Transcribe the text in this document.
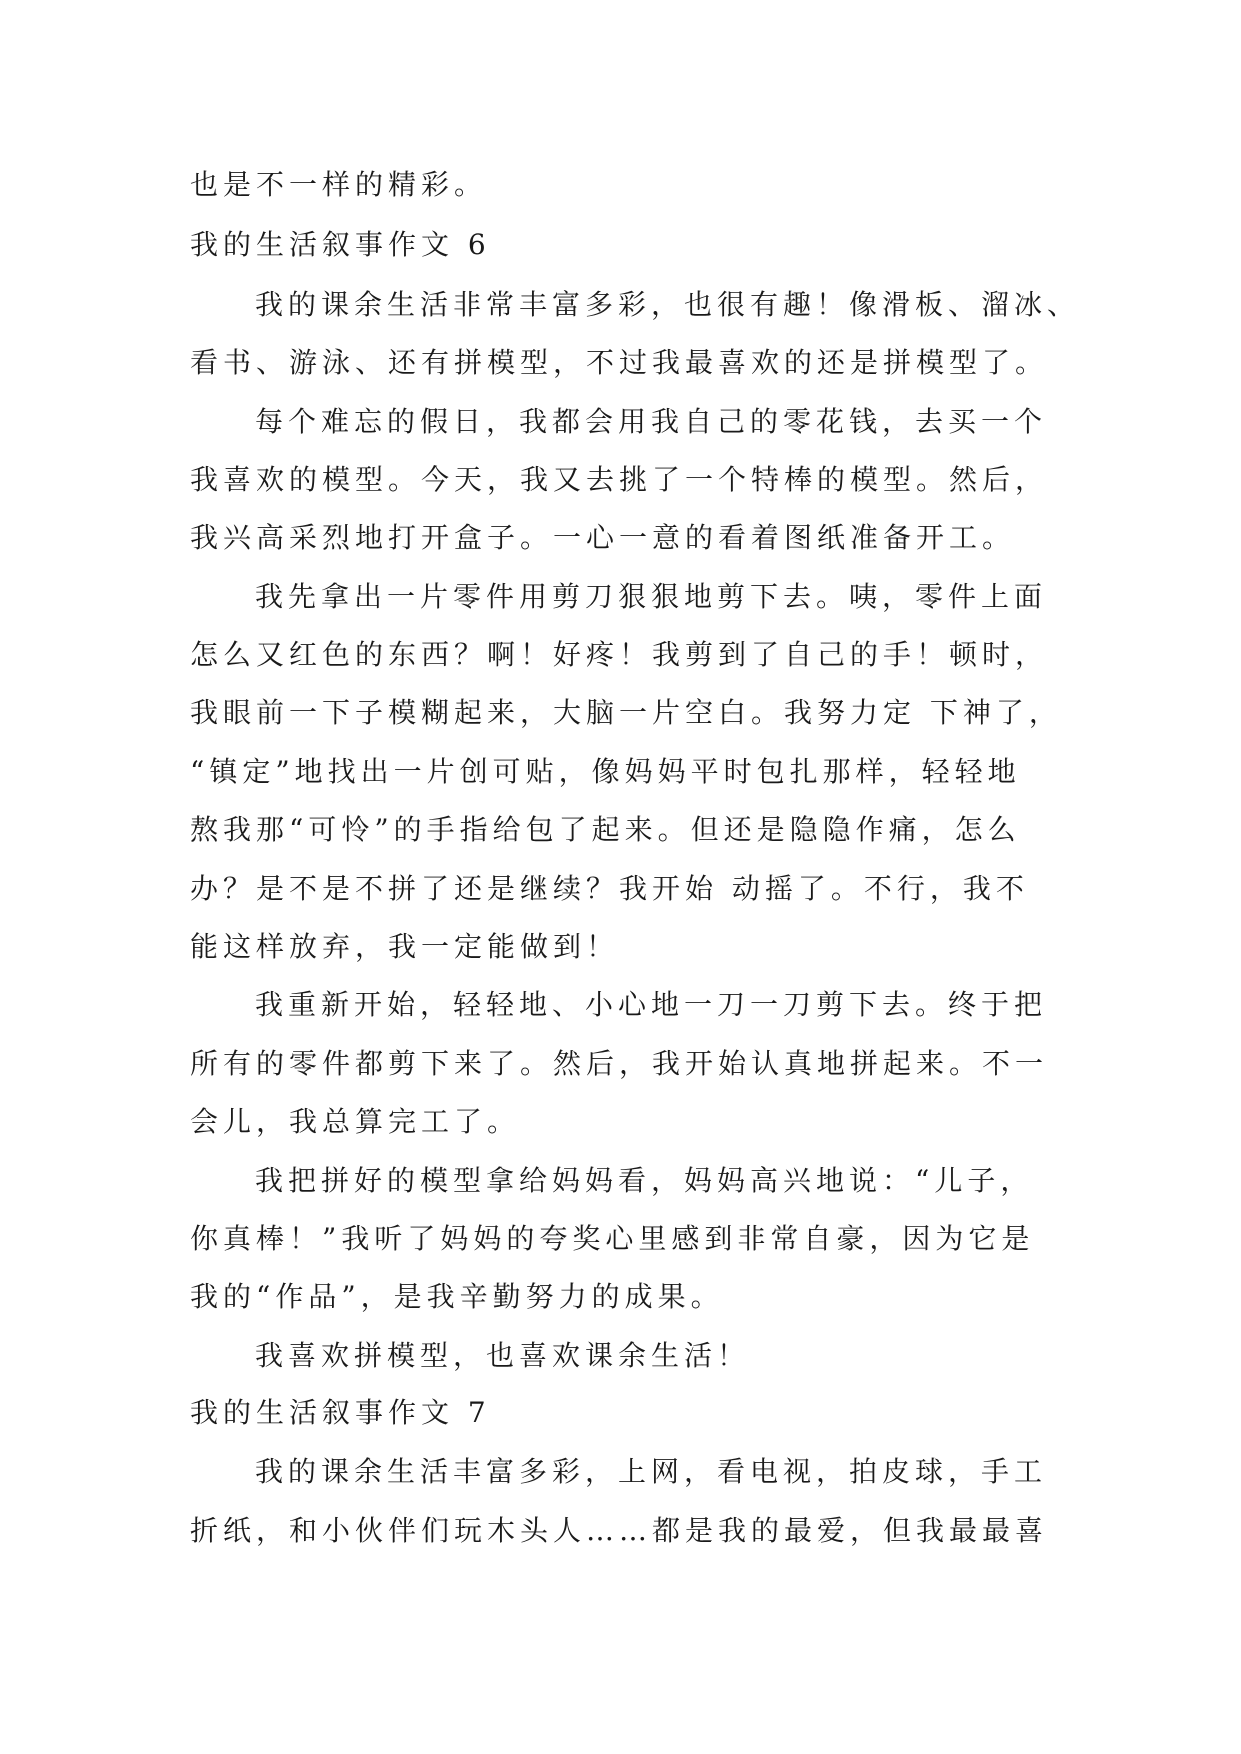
也是不一样的精彩。
我的生活叙事作文 6
我的课余生活非常丰富多彩，也很有趣！像滑板、溜冰、
看书、游泳、还有拼模型，不过我最喜欢的还是拼模型了。
每个难忘的假日，我都会用我自己的零花钱，去买一个
我喜欢的模型。今天，我又去挑了一个特棒的模型。然后，
我兴高采烈地打开盒子。一心一意的看着图纸准备开工。
我先拿出一片零件用剪刀狠狠地剪下去。咦，零件上面
怎么又红色的东西？啊！好疼！我剪到了自己的手！顿时，
我眼前一下子模糊起来，大脑一片空白。我努力定 下神了，
“镇定”地找出一片创可贴，像妈妈平时包扎那样，轻轻地
熬我那“可怜”的手指给包了起来。但还是隐隐作痛，怎么
办？是不是不拼了还是继续？我开始 动摇了。不行，我不
能这样放弃，我一定能做到！
我重新开始，轻轻地、小心地一刀一刀剪下去。终于把
所有的零件都剪下来了。然后，我开始认真地拼起来。不一
会儿，我总算完工了。
我把拼好的模型拿给妈妈看，妈妈高兴地说：“儿子，
你真棒！”我听了妈妈的夸奖心里感到非常自豪，因为它是
我的“作品”，是我辛勤努力的成果。
我喜欢拼模型，也喜欢课余生活！
我的生活叙事作文 7
我的课余生活丰富多彩，上网，看电视，拍皮球，手工
折纸，和小伙伴们玩木头人……都是我的最爱，但我最最喜
